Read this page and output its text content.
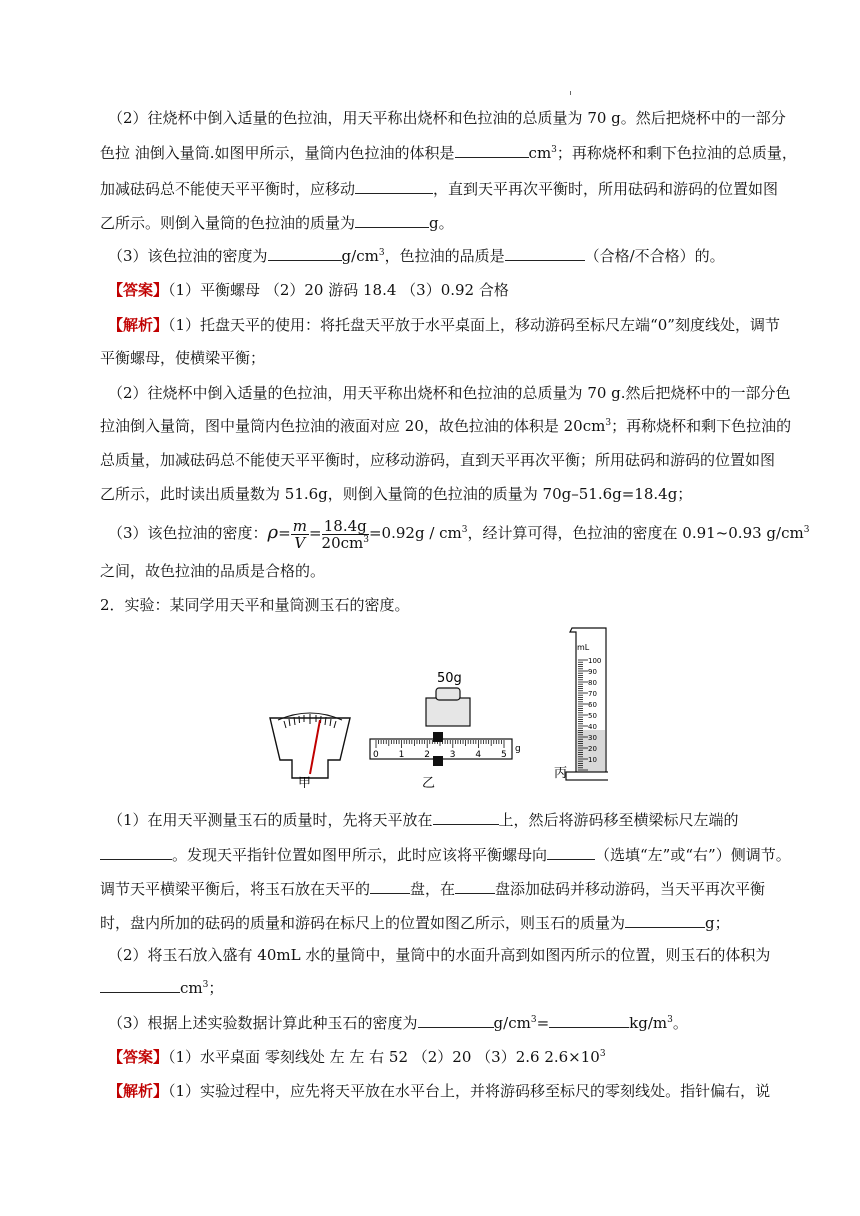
（2）往烧杯中倒入适量的色拉油，用天平称出烧杯和色拉油的总质量为 70 g。然后把烧杯中的一部分
色拉 油倒入量筒.如图甲所示，量筒内色拉油的体积是	$cm^3$；再称烧杯和剩下色拉油的总质量，
加减砝码总不能使天平平衡时，应移动	，直到天平再次平衡时，所用砝码和游码的位置如图
乙所示。则倒入量筒的色拉油的质量为	g。
（3）该色拉油的密度为	$g/cm^3$，色拉油的品质是	（合格/不合格）的。
【答案】（1）平衡螺母 （2）20 游码 18.4 （3）0.92 合格
【解析】（1）托盘天平的使用：将托盘天平放于水平桌面上，移动游码至标尺左端“0”刻度线处，调节
平衡螺母，使横梁平衡；
（2）往烧杯中倒入适量的色拉油，用天平称出烧杯和色拉油的总质量为 70 g.然后把烧杯中的一部分色
拉油倒入量筒，图中量筒内色拉油的液面对应 20，故色拉油的体积是 $20cm^3$；再称烧杯和剩下色拉油的
总质量，加减砝码总不能使天平平衡时，应移动游码，直到天平再次平衡；所用砝码和游码的位置如图
乙所示，此时读出质量数为 51.6g，则倒入量筒的色拉油的质量为 70g–51.6g=18.4g；
（3）该色拉油的密度：$\rho= \frac{m}{V} = \frac{18.4g}{20cm^3} =0.92g / cm^3$，经计算可得，色拉油的密度在 0.91~0.93 $g/cm^3$
之间，故色拉油的品质是合格的。
2．实验：某同学用天平和量筒测玉石的密度。
甲
0 1 2 3 4 5
g
50g
乙
100
90
80
70
60
50
40
30
20
10
mL
丙
（1）在用天平测量玉石的质量时，先将天平放在	上，然后将游码移至横梁标尺左端的
。发现天平指针位置如图甲所示，此时应该将平衡螺母向	（选填“左”或“右”）侧调节。
调节天平横梁平衡后，将玉石放在天平的	盘，在	盘添加砝码并移动游码，当天平再次平衡
时，盘内所加的砝码的质量和游码在标尺上的位置如图乙所示，则玉石的质量为	g；
（2）将玉石放入盛有 40mL 水的量筒中，量筒中的水面升高到如图丙所示的位置，则玉石的体积为
$cm^3$；
（3）根据上述实验数据计算此种玉石的密度为	$g/cm^3=$	$kg/m^3$。
【答案】（1）水平桌面 零刻线处 左 左 右 52 （2）20 （3）2.6 $2.6\times 10^3$
【解析】（1）实验过程中，应先将天平放在水平台上，并将游码移至标尺的零刻线处。指针偏右，说
